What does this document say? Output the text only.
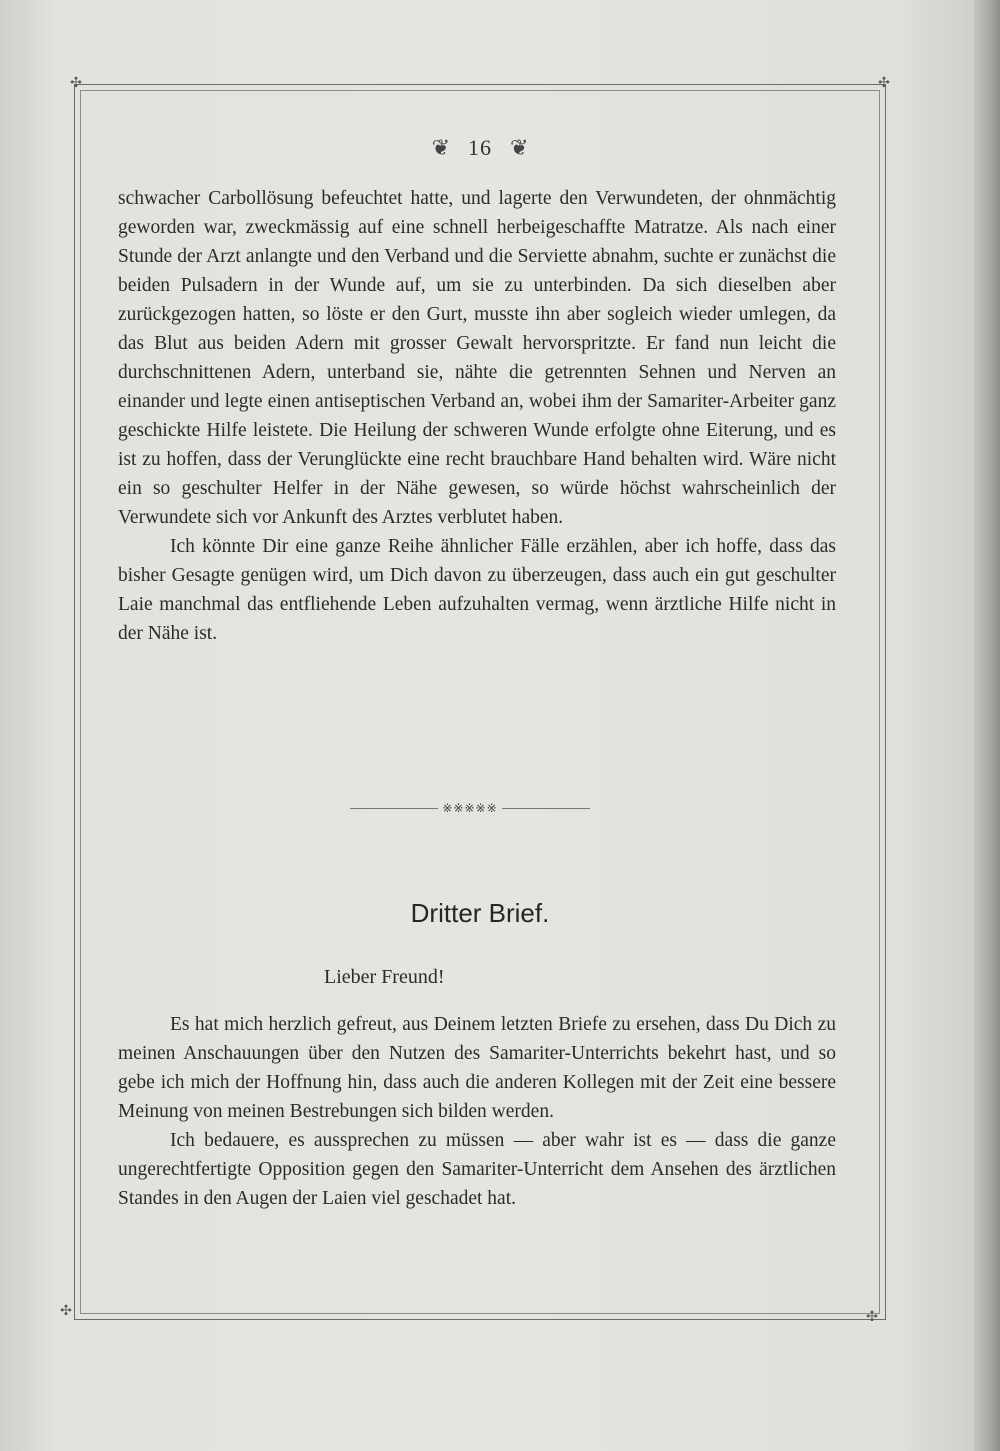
✣	✣
✣	✣
❦ 16 ❦

schwacher Carbollösung befeuchtet hatte, und lagerte den Verwundeten, der ohnmächtig geworden war, zweckmässig auf eine schnell herbeigeschaffte Matratze. Als nach einer Stunde der Arzt anlangte und den Verband und die Serviette abnahm, suchte er zunächst die beiden Pulsadern in der Wunde auf, um sie zu unterbinden. Da sich dieselben aber zurückgezogen hatten, so löste er den Gurt, musste ihn aber sogleich wieder umlegen, da das Blut aus beiden Adern mit grosser Gewalt hervorspritzte. Er fand nun leicht die durchschnittenen Adern, unterband sie, nähte die getrennten Sehnen und Nerven an einander und legte einen antiseptischen Verband an, wobei ihm der Samariter-Arbeiter ganz geschickte Hilfe leistete. Die Heilung der schweren Wunde erfolgte ohne Eiterung, und es ist zu hoffen, dass der Verunglückte eine recht brauchbare Hand behalten wird. Wäre nicht ein so geschulter Helfer in der Nähe gewesen, so würde höchst wahrscheinlich der Verwundete sich vor Ankunft des Arztes verblutet haben.

Ich könnte Dir eine ganze Reihe ähnlicher Fälle erzählen, aber ich hoffe, dass das bisher Gesagte genügen wird, um Dich davon zu überzeugen, dass auch ein gut geschulter Laie manchmal das entfliehende Leben aufzuhalten vermag, wenn ärztliche Hilfe nicht in der Nähe ist.

※※※※※
Dritter Brief.
Lieber Freund!

Es hat mich herzlich gefreut, aus Deinem letzten Briefe zu ersehen, dass Du Dich zu meinen Anschauungen über den Nutzen des Samariter-Unterrichts bekehrt hast, und so gebe ich mich der Hoffnung hin, dass auch die anderen Kollegen mit der Zeit eine bessere Meinung von meinen Bestrebungen sich bilden werden.

Ich bedauere, es aussprechen zu müssen — aber wahr ist es — dass die ganze ungerechtfertigte Opposition gegen den Samariter-Unterricht dem Ansehen des ärztlichen Standes in den Augen der Laien viel geschadet hat.
